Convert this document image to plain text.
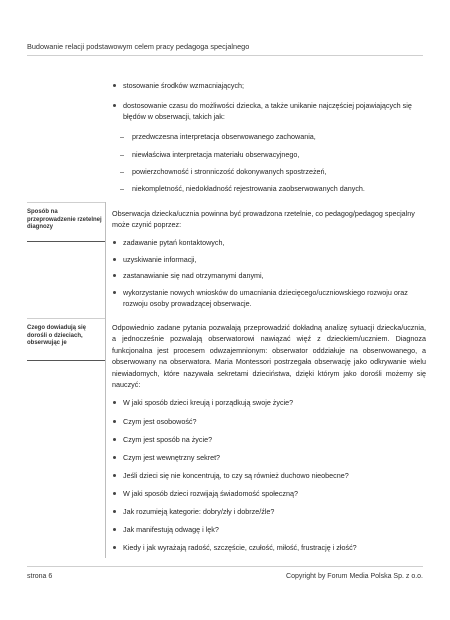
Budowanie relacji podstawowym celem pracy pedagoga specjalnego
stosowanie środków wzmacniających;
dostosowanie czasu do możliwości dziecka, a także unikanie najczęściej pojawiających się błędów w obserwacji, takich jak:
– przedwczesna interpretacja obserwowanego zachowania,
– niewłaściwa interpretacja materiału obserwacyjnego,
– powierzchowność i stronniczość dokonywanych spostrzeżeń,
– niekompletność, niedokładność rejestrowania zaobserwowanych danych.
Sposób na przeprowadzenie rzetelnej diagnozy
Obserwacja dziecka/ucznia powinna być prowadzona rzetelnie, co pedagog/pedagog specjalny może czynić poprzez:
zadawanie pytań kontaktowych,
uzyskiwanie informacji,
zastanawianie się nad otrzymanymi danymi,
wykorzystanie nowych wniosków do umacniania dziecięcego/uczniowskiego rozwoju oraz rozwoju osoby prowadzącej obserwacje.
Czego dowiadują się dorośli o dzieciach, obserwując je
Odpowiednio zadane pytania pozwalają przeprowadzić dokładną analizę sytuacji dziecka/ucznia, a jednocześnie pozwalają obserwatorowi nawiązać więź z dzieckiem/uczniem. Diagnoza funkcjonalna jest procesem odwzajemnionym: obserwator oddziałuje na obserwowanego, a obserwowany na obserwatora. Maria Montessori postrzegała obserwację jako odkrywanie wielu niewiadomych, które nazywała sekretami dzieciństwa, dzięki którym jako dorośli możemy się nauczyć:
W jaki sposób dzieci kreują i porządkują swoje życie?
Czym jest osobowość?
Czym jest sposób na życie?
Czym jest wewnętrzny sekret?
Jeśli dzieci się nie koncentrują, to czy są również duchowo nieobecne?
W jaki sposób dzieci rozwijają świadomość społeczną?
Jak rozumieją kategorie: dobry/zły i dobrze/źle?
Jak manifestują odwagę i lęk?
Kiedy i jak wyrażają radość, szczęście, czułość, miłość, frustrację i złość?
strona 6	Copyright by Forum Media Polska Sp. z o.o.
